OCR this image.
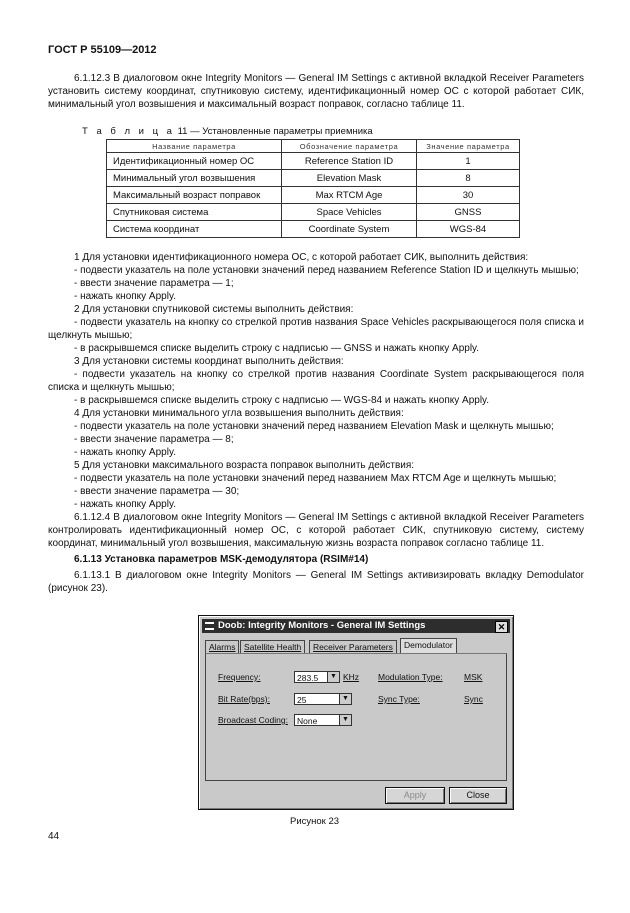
ГОСТ Р 55109—2012

6.1.12.3 В диалоговом окне Integrity Monitors — General IM Settings с активной вкладкой Receiver Parameters установить систему координат, спутниковую систему, идентификационный номер ОС с которой работает СИК, минимальный угол возвышения и максимальный возраст поправок, согласно таблице 11.

Т а б л и ц а 11 — Установленные параметры приемника
Название параметра	Обозначение параметра	Значение параметра
Идентификационный номер ОС	Reference Station ID	1
Минимальный угол возвышения	Elevation Mask	8
Максимальный возраст поправок	Max RTCM Age	30
Спутниковая система	Space Vehicles	GNSS
Система координат	Coordinate System	WGS-84

1 Для установки идентификационного номера ОС, с которой работает СИК, выполнить действия:

- подвести указатель на поле установки значений перед названием Reference Station ID и щелкнуть мышью;

- ввести значение параметра — 1;

- нажать кнопку Apply.

2 Для установки спутниковой системы выполнить действия:

- подвести указатель на кнопку со стрелкой против названия Space Vehicles раскрывающегося поля списка и щелкнуть мышью;

- в раскрывшемся списке выделить строку с надписью — GNSS и нажать кнопку Apply.

3 Для установки системы координат выполнить действия:

- подвести указатель на кнопку со стрелкой против названия Coordinate System раскрывающегося поля списка и щелкнуть мышью;

- в раскрывшемся списке выделить строку с надписью — WGS-84 и нажать кнопку Apply.

4 Для установки минимального угла возвышения выполнить действия:

- подвести указатель на поле установки значений перед названием Elevation Mask и щелкнуть мышью;

- ввести значение параметра — 8;

- нажать кнопку Apply.

5 Для установки максимального возраста поправок выполнить действия:

- подвести указатель на поле установки значений перед названием Max RTCM Age и щелкнуть мышью;

- ввести значение параметра — 30;

- нажать кнопку Apply.

6.1.12.4 В диалоговом окне Integrity Monitors — General IM Settings с активной вкладкой Receiver Parameters контролировать идентификационный номер ОС, с которой работает СИК, спутниковую систему, систему координат, минимальный угол возвышения, максимальную жизнь возраста поправок согласно таблице 11.

6.1.13 Установка параметров MSK-демодулятора (RSIM#14)

6.1.13.1 В диалоговом окне Integrity Monitors — General IM Settings активизировать вкладку Demodulator (рисунок 23).

Doob: Integrity Monitors - General IM Settings	✕
Alarms	Satellite Health	Receiver Parameters	Demodulator
Frequency:	283.5	▼ KHz
Bit Rate(bps):	25	▼
Broadcast Coding:	None	▼
Modulation Type:	MSK
Sync Type:	Sync
Apply	Close
Рисунок 23
44
